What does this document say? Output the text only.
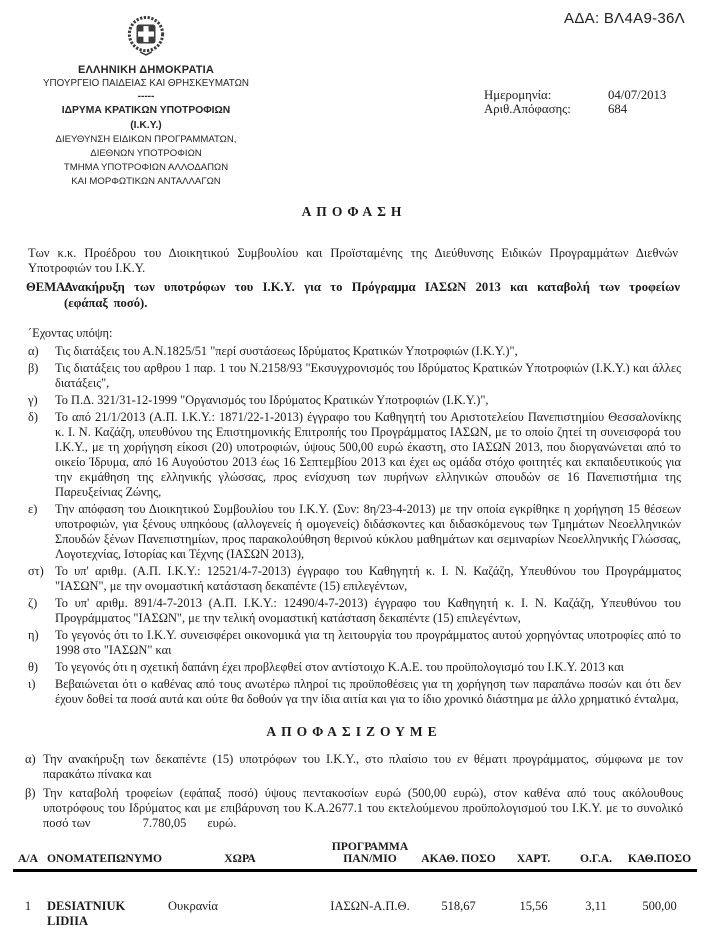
ΑΔΑ: ΒΛ4Α9-36Λ
ΕΛΛΗΝΙΚΗ ΔΗΜΟΚΡΑΤΙΑ
ΥΠΟΥΡΓΕΙΟ ΠΑΙΔΕΙΑΣ ΚΑΙ ΘΡΗΣΚΕΥΜΑΤΩΝ
-----
ΙΔΡΥΜΑ ΚΡΑΤΙΚΩΝ ΥΠΟΤΡΟΦΙΩΝ
(Ι.Κ.Υ.)
ΔΙΕΥΘΥΝΣΗ ΕΙΔΙΚΩΝ ΠΡΟΓΡΑΜΜΑΤΩΝ,
ΔΙΕΘΝΩΝ ΥΠΟΤΡΟΦΙΩΝ
ΤΜΗΜΑ ΥΠΟΤΡΟΦΙΩΝ ΑΛΛΟΔΑΠΩΝ
ΚΑΙ ΜΟΡΦΩΤΙΚΩΝ ΑΝΤΑΛΛΑΓΩΝ
Ημερομηνία:	04/07/2013
Αριθ.Απόφασης:	684
ΑΠΟΦΑΣΗ

Των κ.κ. Προέδρου του Διοικητικού Συμβουλίου και Προϊσταμένης της Διεύθυνσης Ειδικών Προγραμμάτων Διεθνών Υποτροφιών του Ι.Κ.Υ.

ΘΕΜΑ:

Ανακήρυξη των υποτρόφων του Ι.Κ.Υ. για το Πρόγραμμα ΙΑΣΩΝ 2013 και καταβολή των τροφείων (εφάπαξ ποσό).

΄Εχοντας υπόψη:

α)	Τις διατάξεις του Α.Ν.1825/51 "περί συστάσεως Ιδρύματος Κρατικών Υποτροφιών (Ι.Κ.Υ.)",

β)	Τις διατάξεις του αρθρου 1 παρ. 1 του Ν.2158/93 "Εκσυγχρονισμός του Ιδρύματος Κρατικών Υποτροφιών (Ι.Κ.Υ.) και άλλες διατάξεις",

γ)	Το Π.Δ. 321/31-12-1999 "Οργανισμός του Ιδρύματος Κρατικών Υποτροφιών (Ι.Κ.Υ.)",

δ)	Το από 21/1/2013 (Α.Π. Ι.Κ.Υ.: 1871/22-1-2013) έγγραφο του Καθηγητή του Αριστοτελείου Πανεπιστημίου Θεσσαλονίκης κ. Ι. Ν. Καζάζη, υπευθύνου της Επιστημονικής Επιτροπής του Προγράμματος ΙΑΣΩΝ, με το οποίο ζητεί τη συνεισφορά του Ι.Κ.Υ., με τη χορήγηση είκοσι (20) υποτροφιών, ύψους 500,00 ευρώ έκαστη, στο ΙΑΣΩΝ 2013, που διοργανώνεται από το οικείο Ίδρυμα, από 16 Αυγούστου 2013 έως 16 Σεπτεμβίου 2013 και έχει ως ομάδα στόχο φοιτητές και εκπαιδευτικούς για την εκμάθηση της ελληνικής γλώσσας, προς ενίσχυση των πυρήνων ελληνικών σπουδών σε 16 Πανεπιστήμια της Παρευξείνιας Ζώνης,

ε)	Την απόφαση του Διοικητικού Συμβουλίου του Ι.Κ.Υ. (Συν: 8η/23-4-2013) με την οποία εγκρίθηκε η χορήγηση 15 θέσεων υποτροφιών, για ξένους υπηκόους (αλλογενείς ή ομογενείς) διδάσκοντες και διδασκόμενους των Τμημάτων Νεοελληνικών Σπουδών ξένων Πανεπιστημίων, προς παρακολούθηση θερινού κύκλου μαθημάτων και σεμιναρίων Νεοελληνικής Γλώσσας, Λογοτεχνίας, Ιστορίας και Τέχνης (ΙΑΣΩΝ 2013),

στ) Το υπ' αριθμ. (Α.Π. Ι.Κ.Υ.: 12521/4-7-2013) έγγραφο του Καθηγητή κ. Ι. Ν. Καζάζη, Υπευθύνου του Προγράμματος "ΙΑΣΩΝ", με την ονομαστική κατάσταση δεκαπέντε (15) επιλεγέντων,

ζ)	Το υπ' αριθμ. 891/4-7-2013 (Α.Π. Ι.Κ.Υ.: 12490/4-7-2013) έγγραφο του Καθηγητή κ. Ι. Ν. Καζάζη, Υπευθύνου του Προγράμματος "ΙΑΣΩΝ", με την τελική ονομαστική κατάσταση δεκαπέντε (15) επιλεγέντων,

η)	Το γεγονός ότι το Ι.Κ.Υ. συνεισφέρει οικονομικά για τη λειτουργία του προγράμματος αυτού χορηγόντας υποτροφίες από το 1998 στο "ΙΑΣΩΝ" και

θ)	Το γεγονός ότι η σχετική δαπάνη έχει προβλεφθεί στον αντίστοιχο Κ.Α.Ε. του προϋπολογισμό του Ι.Κ.Υ. 2013 και

ι)	Βεβαιώνεται ότι ο καθένας από τους ανωτέρω πληροί τις προϋποθέσεις για τη χορήγηση των παραπάνω ποσών και ότι δεν έχουν δοθεί τα ποσά αυτά και ούτε θα δοθούν γα την ίδια αιτία και για το ίδιο χρονικό διάστημα με άλλο χρηματικό ένταλμα,

ΑΠΟΦΑΣΙΖΟΥΜΕ
α) Την ανακήρυξη των δεκαπέντε (15) υποτρόφων του Ι.Κ.Υ., στο πλαίσιο του εν θέματι προγράμματος, σύμφωνα με τον παρακάτω πίνακα και

β) Την καταβολή τροφείων (εφάπαξ ποσό) ύψους πεντακοσίων ευρώ (500,00 ευρώ), στον καθένα από τους ακόλουθους υποτρόφους του Ιδρύματος και με επιβάρυνση του Κ.Α.2677.1 του εκτελούμενου προϋπολογισμού του Ι.Κ.Υ. με το συνολικό ποσό των	7.780,05 ευρώ.

Α/Α ΟΝΟΜΑΤΕΠΩΝΥΜΟ	ΧΩΡΑ
ΠΡΟΓΡΑΜΜΑ
ΠΑΝ/ΜΙΟ	ΑΚΑΘ. ΠΟΣΟ	ΧΑΡΤ.	Ο.Γ.Α.	ΚΑΘ.ΠΟΣΟ
1	DESIATNIUK LIDIIA
Ουκρανία	ΙΑΣΩΝ-Α.Π.Θ.	518,67	15,56	3,11	500,00
